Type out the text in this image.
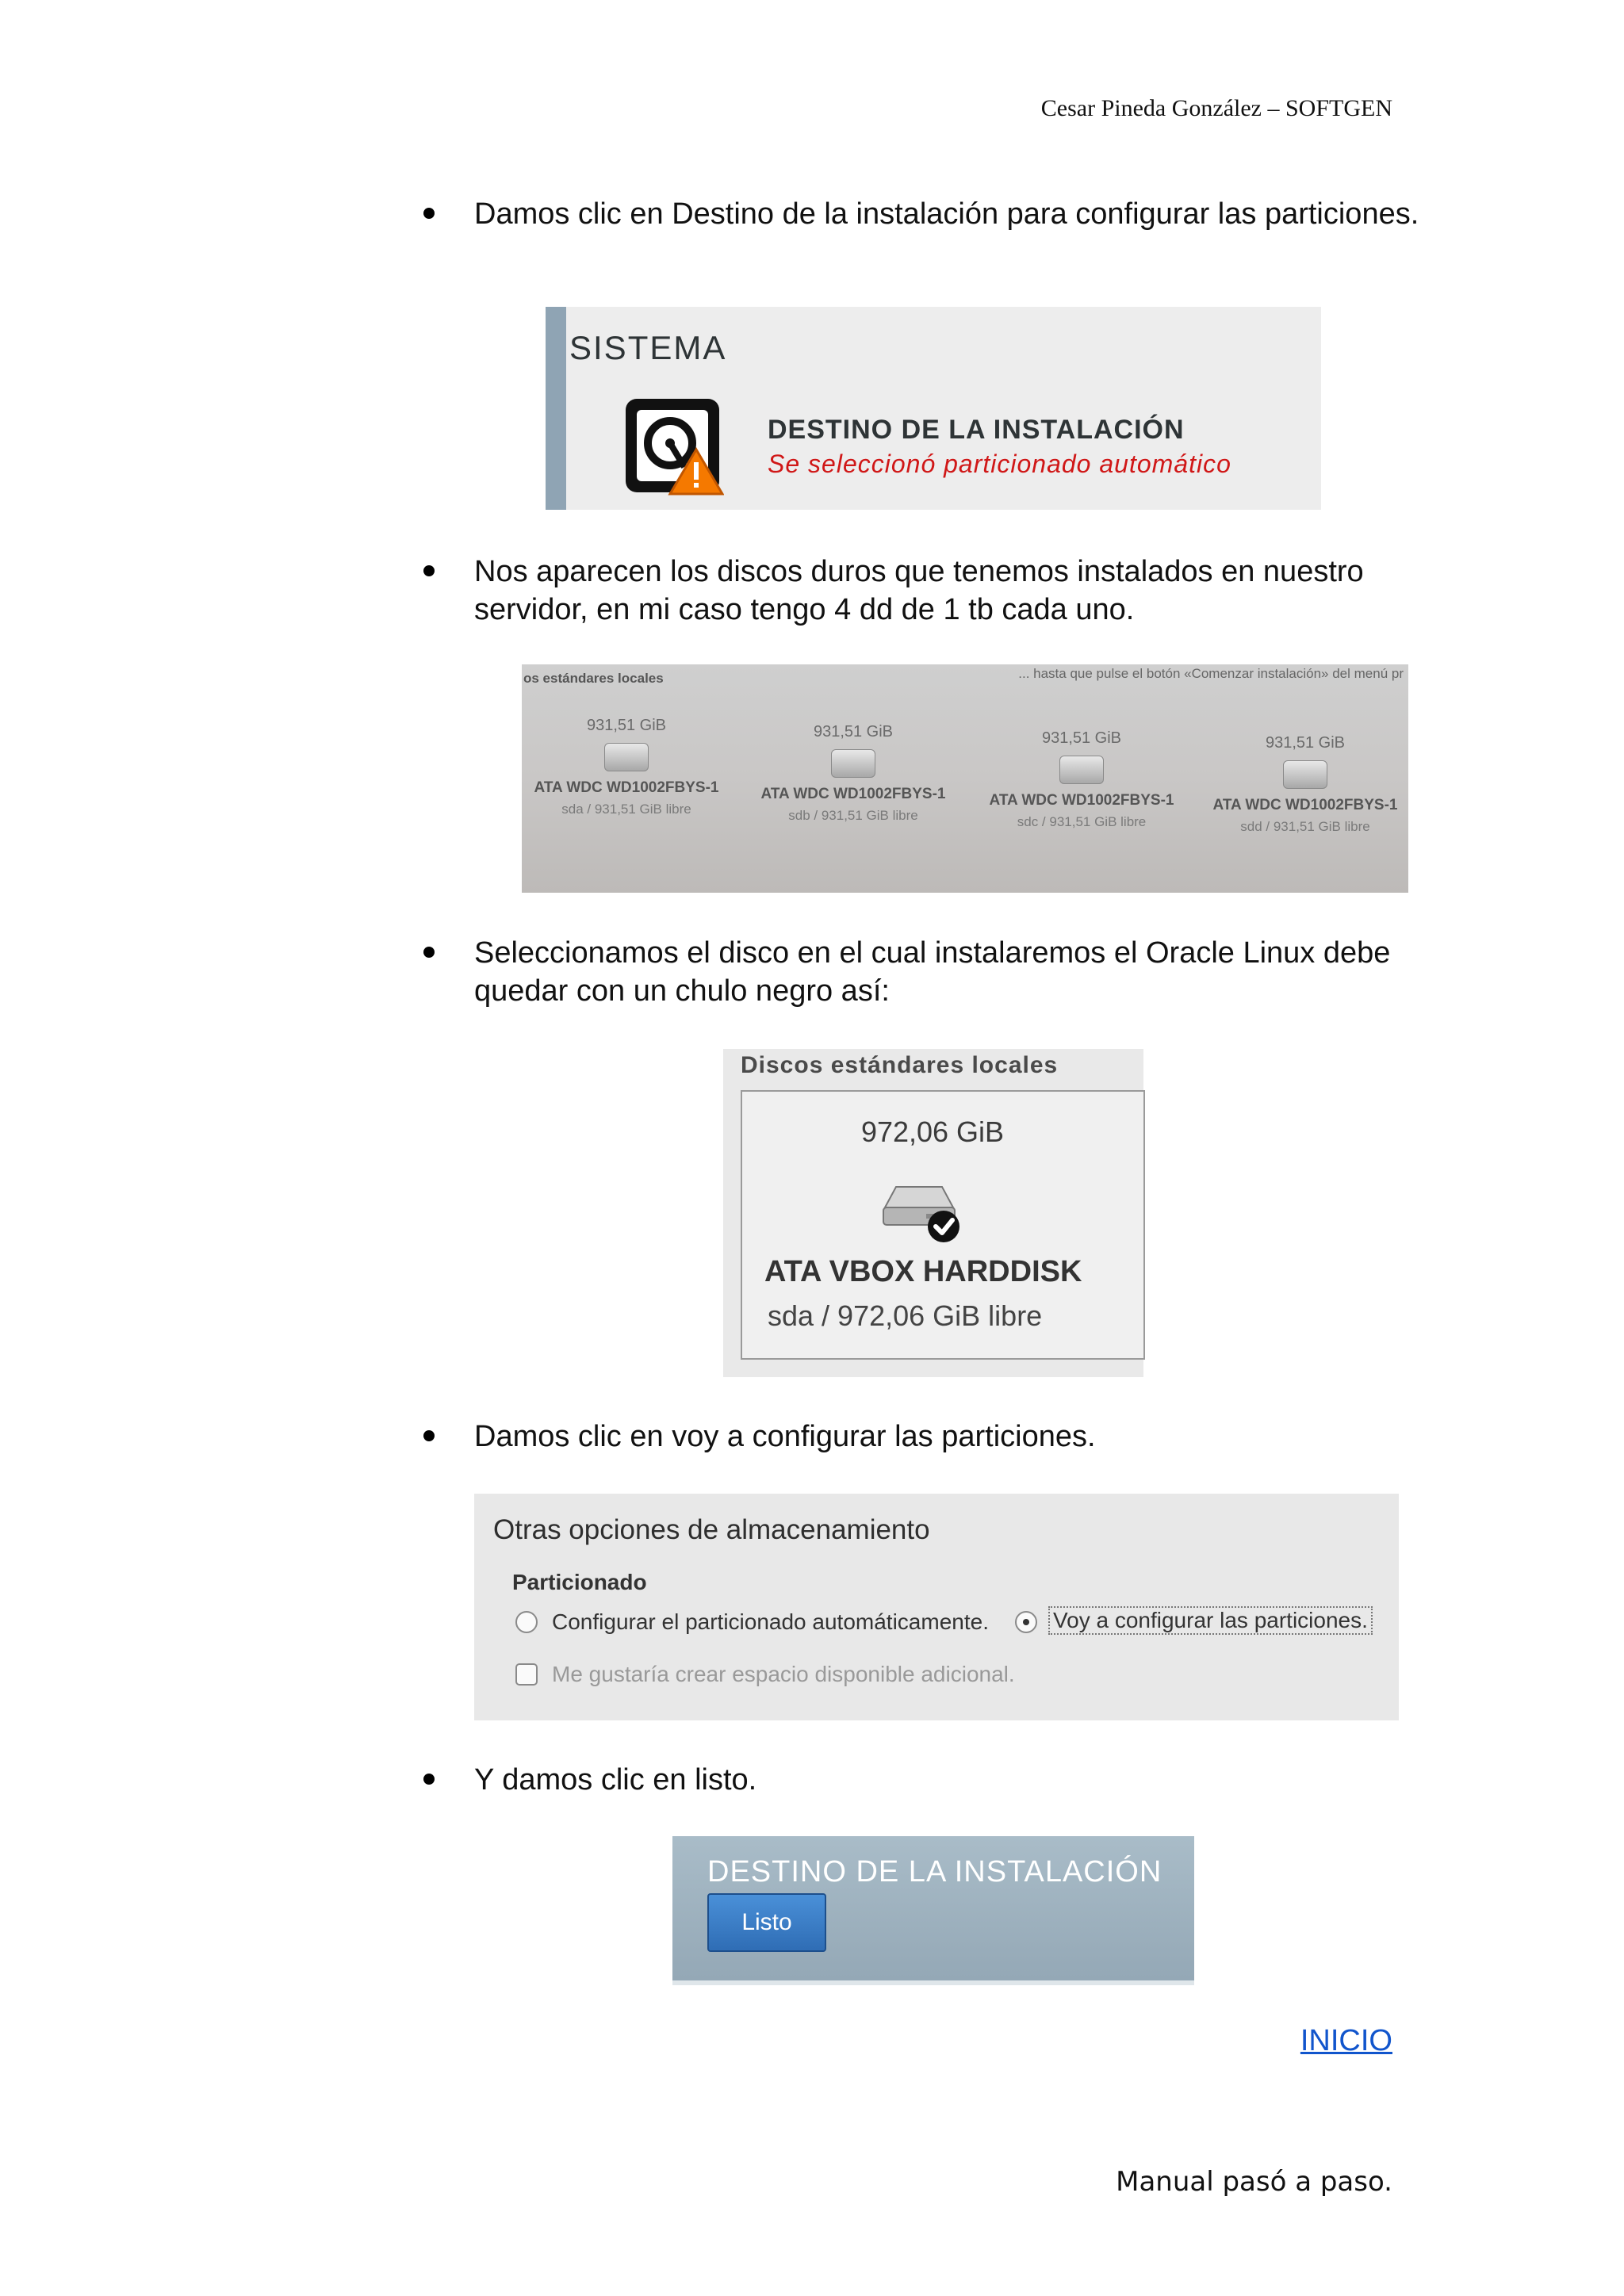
Cesar Pineda González – SOFTGEN
Damos clic en Destino de la instalación para configurar las particiones.
SISTEMA
DESTINO DE LA INSTALACIÓN
Se seleccionó particionado automático
Nos aparecen los discos duros que tenemos instalados en nuestro servidor, en mi caso tengo 4 dd de 1 tb cada uno.
os estándares locales	... hasta que pulse el botón «Comenzar instalación» del menú pr
931,51 GiB
ATA WDC WD1002FBYS-1
sda / 931,51 GiB libre
931,51 GiB
ATA WDC WD1002FBYS-1
sdb / 931,51 GiB libre
931,51 GiB
ATA WDC WD1002FBYS-1
sdc / 931,51 GiB libre
931,51 GiB
ATA WDC WD1002FBYS-1
sdd / 931,51 GiB libre
Seleccionamos el disco en el cual instalaremos el Oracle Linux debe quedar con un chulo negro así:
Discos estándares locales
972,06 GiB
ATA VBOX HARDDISK
sda / 972,06 GiB libre
Damos clic en voy a configurar las particiones.
Otras opciones de almacenamiento
Particionado
Configurar el particionado automáticamente.	Voy a configurar las particiones.
Me gustaría crear espacio disponible adicional.
Y damos clic en listo.
DESTINO DE LA INSTALACIÓN
Listo
INICIO
Manual pasó a paso.
